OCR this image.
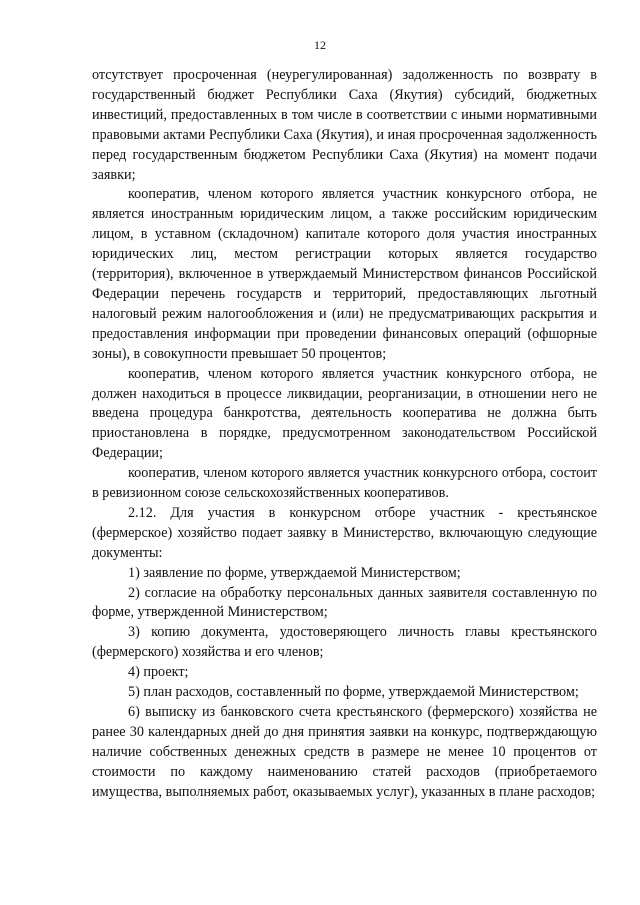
12

отсутствует просроченная (неурегулированная) задолженность по возврату в государственный бюджет Республики Саха (Якутия) субсидий, бюджетных инвестиций, предоставленных в том числе в соответствии с иными нормативными правовыми актами Республики Саха (Якутия), и иная просроченная задолженность перед государственным бюджетом Республики Саха (Якутия) на момент подачи заявки;

кооператив, членом которого является участник конкурсного отбора, не является иностранным юридическим лицом, а также российским юридическим лицом, в уставном (складочном) капитале которого доля участия иностранных юридических лиц, местом регистрации которых является государство (территория), включенное в утверждаемый Министерством финансов Российской Федерации перечень государств и территорий, предоставляющих льготный налоговый режим налогообложения и (или) не предусматривающих раскрытия и предоставления информации при проведении финансовых операций (офшорные зоны), в совокупности превышает 50 процентов;

кооператив, членом которого является участник конкурсного отбора, не должен находиться в процессе ликвидации, реорганизации, в отношении него не введена процедура банкротства, деятельность кооператива не должна быть приостановлена в порядке, предусмотренном законодательством Российской Федерации;

кооператив, членом которого является участник конкурсного отбора, состоит в ревизионном союзе сельскохозяйственных кооперативов.

2.12. Для участия в конкурсном отборе участник - крестьянское (фермерское) хозяйство подает заявку в Министерство, включающую следующие документы:

1) заявление по форме, утверждаемой Министерством;

2) согласие на обработку персональных данных заявителя составленную по форме, утвержденной Министерством;

3) копию документа, удостоверяющего личность главы крестьянского (фермерского) хозяйства и его членов;

4) проект;

5) план расходов, составленный по форме, утверждаемой Министерством;

6) выписку из банковского счета крестьянского (фермерского) хозяйства не ранее 30 календарных дней до дня принятия заявки на конкурс, подтверждающую наличие собственных денежных средств в размере не менее 10 процентов от стоимости по каждому наименованию статей расходов (приобретаемого имущества, выполняемых работ, оказываемых услуг), указанных в плане расходов;
